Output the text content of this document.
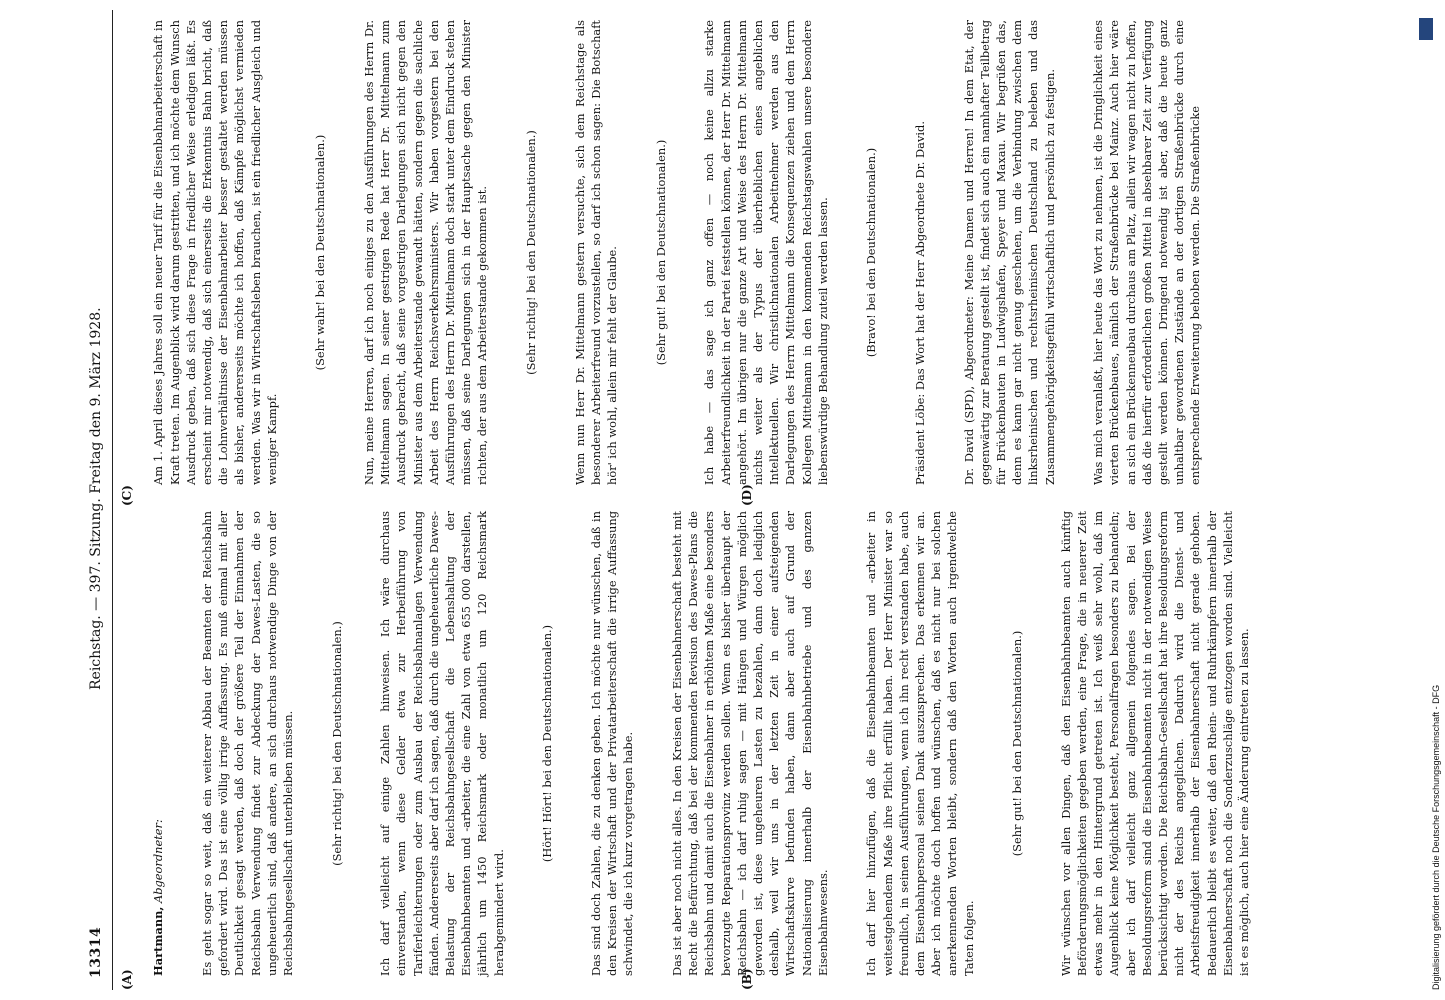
13314
Reichstag. — 397. Sitzung. Freitag den 9. März 1928.

Hartmann, Abgeordneter:

	Es geht sogar so weit, daß ein weiterer Abbau der Beamten der Reichsbahn gefordert wird. Das ist eine völlig irrige Auffassung. Es muß einmal mit aller Deutlichkeit gesagt werden, daß doch der größere Teil der Einnahmen der Reichsbahn Verwendung findet zur Abdeckung der Dawes-Lasten, die so ungeheuerlich sind, daß andere, an sich durchaus notwendige Dinge von der Reichsbahngesellschaft unterbleiben müssen.

	(Sehr richtig! bei den Deutschnationalen.)

	Ich darf vielleicht auf einige Zahlen hinweisen. Ich wäre durchaus einverstanden, wenn diese Gelder etwa zur Herbeiführung von Tariferleichterungen oder zum Ausbau der Reichsbahnanlagen Verwendung fänden. Andererseits aber darf ich sagen, daß durch die ungeheuerliche Dawes-Belastung der Reichsbahngesellschaft die Lebenshaltung der Eisenbahnbeamten und -arbeiter, die eine Zahl von etwa 655 000 darstellen, jährlich um 1450 Reichsmark oder monatlich um 120 Reichsmark herabgemindert wird.

(Hört! Hört! bei den Deutschnationalen.)

	Das sind doch Zahlen, die zu denken geben. Ich möchte nur wünschen, daß in den Kreisen der Wirtschaft und der Privatarbeiterschaft die irrige Auffassung schwindet, die ich kurz vorgetragen habe.

	Das ist aber noch nicht alles. In den Kreisen der Eisenbahnerschaft besteht mit Recht die Befürchtung, daß bei der kommenden Revision des Dawes-Plans die Reichsbahn und damit auch die Eisenbahner in erhöhtem Maße eine besonders bevorzugte Reparationsprovinz werden sollen. Wenn es bisher überhaupt der Reichsbahn — ich darf ruhig sagen — mit Hängen und Würgen möglich geworden ist, diese ungeheuren Lasten zu bezahlen, dann doch lediglich deshalb, weil wir uns in der letzten Zeit in einer aufsteigenden Wirtschaftskurve befunden haben, dann aber auch auf Grund der Nationalisierung innerhalb der Eisenbahnbetriebe und des ganzen Eisenbahnwesens.

	Ich darf hier hinzufügen, daß die Eisenbahnbeamten und -arbeiter in weitestgehendem Maße ihre Pflicht erfüllt haben. Der Herr Minister war so freundlich, in seinen Ausführungen, wenn ich ihn recht verstanden habe, auch dem Eisenbahnpersonal seinen Dank auszusprechen. Das erkennen wir an. Aber ich möchte doch hoffen und wünschen, daß es nicht nur bei solchen anerkennenden Worten bleibt, sondern daß den Worten auch irgendwelche Taten folgen.

(Sehr gut! bei den Deutschnationalen.)

	Wir wünschen vor allen Dingen, daß den Eisenbahnbeamten auch künftig Beförderungsmöglichkeiten gegeben werden, eine Frage, die in neuerer Zeit etwas mehr in den Hintergrund getreten ist. Ich weiß sehr wohl, daß im Augenblick keine Möglichkeit besteht, Personalfragen besonders zu behandeln; aber ich darf vielleicht ganz allgemein folgendes sagen. Bei der Besoldungsreform sind die Eisenbahnbeamten nicht in der notwendigen Weise berücksichtigt worden. Die Reichsbahn-Gesellschaft hat ihre Besoldungsreform nicht der des Reichs angeglichen. Dadurch wird die Dienst- und Arbeitsfreudigkeit innerhalb der Eisenbahnerschaft nicht gerade gehoben. Bedauerlich bleibt es weiter, daß den Rhein- und Ruhrkämpfern innerhalb der Eisenbahnerschaft noch die Sonderzuschläge entzogen worden sind. Vielleicht ist es möglich, auch hier eine Änderung eintreten zu lassen.

Am 1. April dieses Jahres soll ein neuer Tarif für die Eisenbahnarbeiterschaft in Kraft treten. Im Augenblick wird darum gestritten, und ich möchte dem Wunsch Ausdruck geben, daß sich diese Frage in friedlicher Weise erledigen läßt. Es erscheint mir notwendig, daß sich einerseits die Erkenntnis Bahn bricht, daß die Lohnverhältnisse der Eisenbahnarbeiter besser gestaltet werden müssen als bisher, andererseits möchte ich hoffen, daß Kämpfe möglichst vermieden werden. Was wir in Wirtschaftsleben brauchen, ist ein friedlicher Ausgleich und weniger Kampf.

(Sehr wahr! bei den Deutschnationalen.)

	Nun, meine Herren, darf ich noch einiges zu den Ausführungen des Herrn Dr. Mittelmann sagen. In seiner gestrigen Rede hat Herr Dr. Mittelmann zum Ausdruck gebracht, daß seine vorgestrigen Darlegungen sich nicht gegen den Minister aus dem Arbeiterstande gewandt hätten, sondern gegen die sachliche Arbeit des Herrn Reichsverkehrsministers. Wir haben vorgestern bei den Ausführungen des Herrn Dr. Mittelmann doch stark unter dem Eindruck stehen müssen, daß seine Darlegungen sich in der Hauptsache gegen den Minister richten, der aus dem Arbeiterstande gekommen ist.

	(Sehr richtig! bei den Deutschnationalen.)

	Wenn nun Herr Dr. Mittelmann gestern versuchte, sich dem Reichstage als besonderer Arbeiterfreund vorzustellen, so darf ich schon sagen: Die Botschaft hör' ich wohl, allein mir fehlt der Glaube.

	(Sehr gut! bei den Deutschnationalen.)

	Ich habe — das sage ich ganz offen — noch keine allzu starke Arbeiterfreundlichkeit in der Partei feststellen können, der Herr Dr. Mittelmann angehört. Im übrigen nur die ganze Art und Weise des Herrn Dr. Mittelmann nichts weiter als der Typus der überheblichen eines angeblichen Intellektuellen. Wir christlichnationalen Arbeitnehmer werden aus den Darlegungen des Herrn Mittelmann die Konsequenzen ziehen und dem Herrn Kollegen Mittelmann in den kommenden Reichstagswahlen unsere besondere liebenswürdige Behandlung zuteil werden lassen.

	(Bravo! bei den Deutschnationalen.)

	Präsident Löbe: Das Wort hat der Herr Abgeordnete Dr. David.

	Dr. David (SPD), Abgeordneter: Meine Damen und Herren! In dem Etat, der gegenwärtig zur Beratung gestellt ist, findet sich auch ein namhafter Teilbetrag für Brückenbauten in Ludwigshafen, Speyer und Maxau. Wir begrüßen das, denn es kann gar nicht genug geschehen, um die Verbindung zwischen dem linksrheinischen und rechtsrheinischen Deutschland zu beleben und das Zusammengehörigkeitsgefühl wirtschaftlich und persönlich zu festigen.

	Was mich veranlaßt, hier heute das Wort zu nehmen, ist die Dringlichkeit eines vierten Brückenbaues, nämlich der Straßenbrücke bei Mainz. Auch hier wäre an sich ein Brückenneubau durchaus am Platz, allein wir wagen nicht zu hoffen, daß die hierfür erforderlichen großen Mittel in absehbarer Zeit zur Verfügung gestellt werden können. Dringend notwendig ist aber, daß die heute ganz unhaltbar gewordenen Zustände an der dortigen Straßenbrücke durch eine entsprechende Erweiterung behoben werden. Die Straßenbrücke

(A)
(C)
(B)
(D)
Digitalisierung gefördert durch die Deutsche Forschungsgemeinschaft - DFG
